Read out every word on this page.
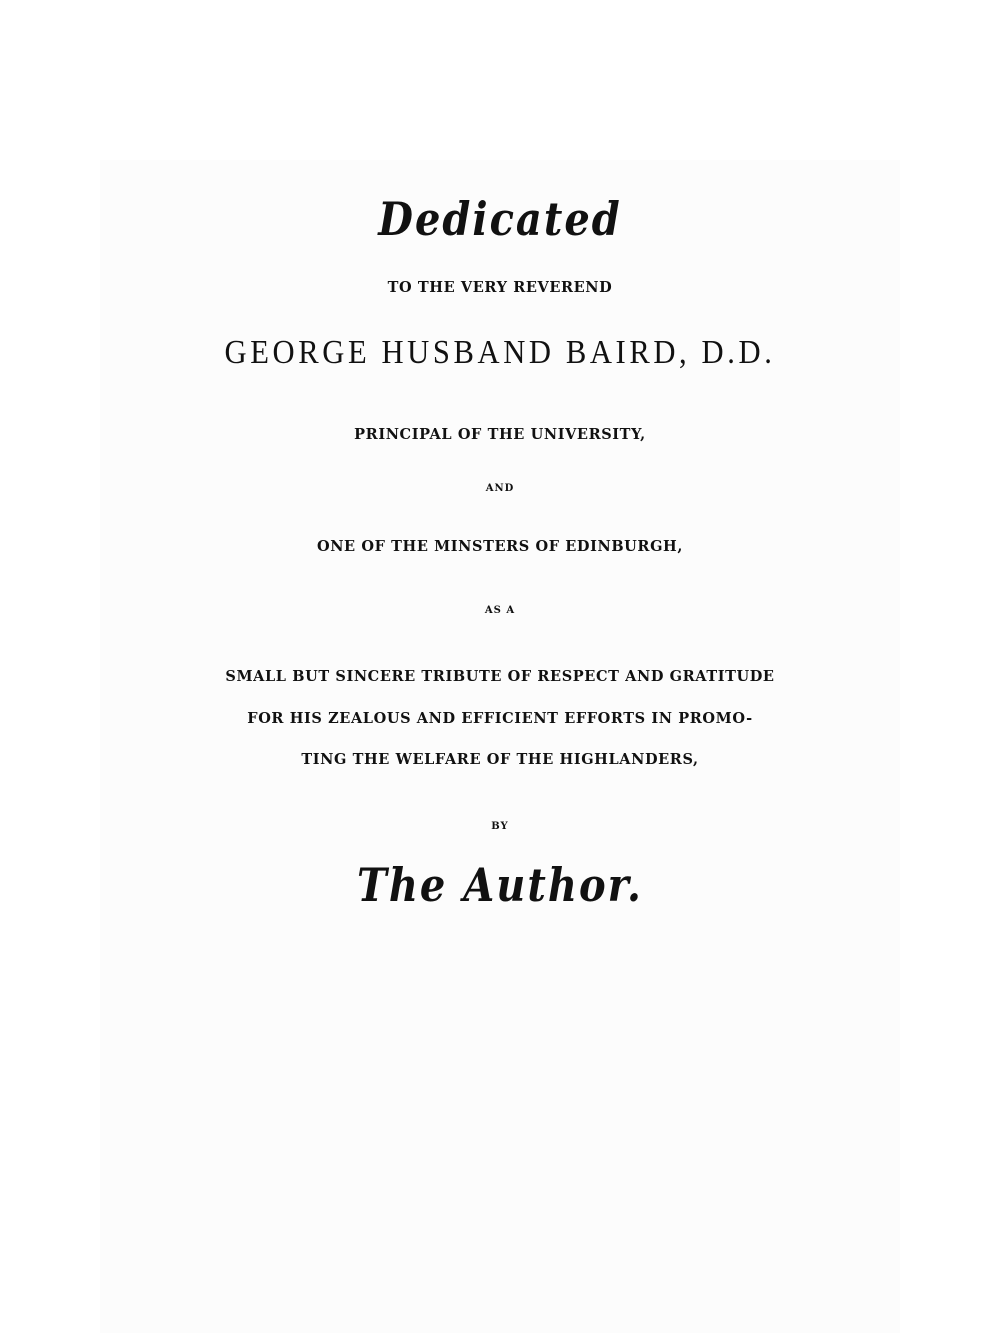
Dedicated
TO THE VERY REVEREND
GEORGE HUSBAND BAIRD, D.D.
PRINCIPAL OF THE UNIVERSITY,
AND
ONE OF THE MINSTERS OF EDINBURGH,
AS A
SMALL BUT SINCERE TRIBUTE OF RESPECT AND GRATITUDE
FOR HIS ZEALOUS AND EFFICIENT EFFORTS IN PROMO-
TING THE WELFARE OF THE HIGHLANDERS,
BY
The Author.
